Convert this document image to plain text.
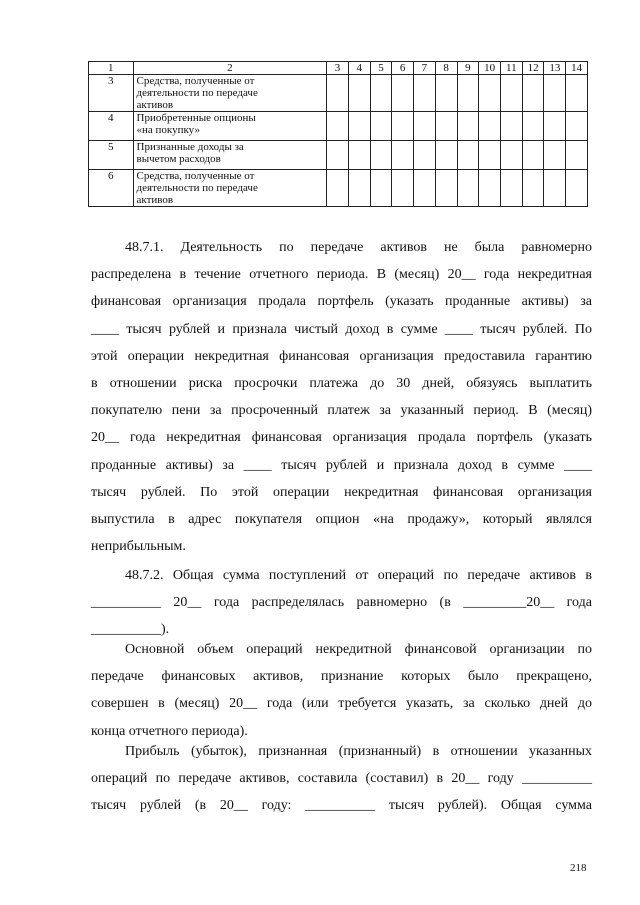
1	2	3	4	5	6	7	8	9	10	11	12	13	14
3	Средства, полученные от
деятельности по передаче
активов												

4	Приобретенные опционы
«на покупку»												

5	Признанные доходы за
вычетом расходов												

6	Средства, полученные от
деятельности по передаче
активов												

48.7.1. Деятельность по передаче активов не была равномерно
распределена в течение отчетного периода. В (месяц) 20__ года некредитная
финансовая организация продала портфель (указать проданные активы) за
____ тысяч рублей и признала чистый доход в сумме ____ тысяч рублей. По
этой операции некредитная финансовая организация предоставила гарантию
в отношении риска просрочки платежа до 30 дней, обязуясь выплатить
покупателю пени за просроченный платеж за указанный период. В (месяц)
20__ года некредитная финансовая организация продала портфель (указать
проданные активы) за ____ тысяч рублей и признала доход в сумме ____
тысяч рублей. По этой операции некредитная финансовая организация
выпустила в адрес покупателя опцион «на продажу», который являлся
неприбыльным.
48.7.2. Общая сумма поступлений от операций по передаче активов в
__________ 20__ года распределялась равномерно (в _________20__ года
__________).
Основной объем операций некредитной финансовой организации по
передаче финансовых активов, признание которых было прекращено,
совершен в (месяц) 20__ года (или требуется указать, за сколько дней до
конца отчетного периода).
Прибыль (убыток), признанная (признанный) в отношении указанных
операций по передаче активов, составила (составил) в 20__ году __________
тысяч рублей (в 20__ году: __________ тысяч рублей). Общая сумма
218
